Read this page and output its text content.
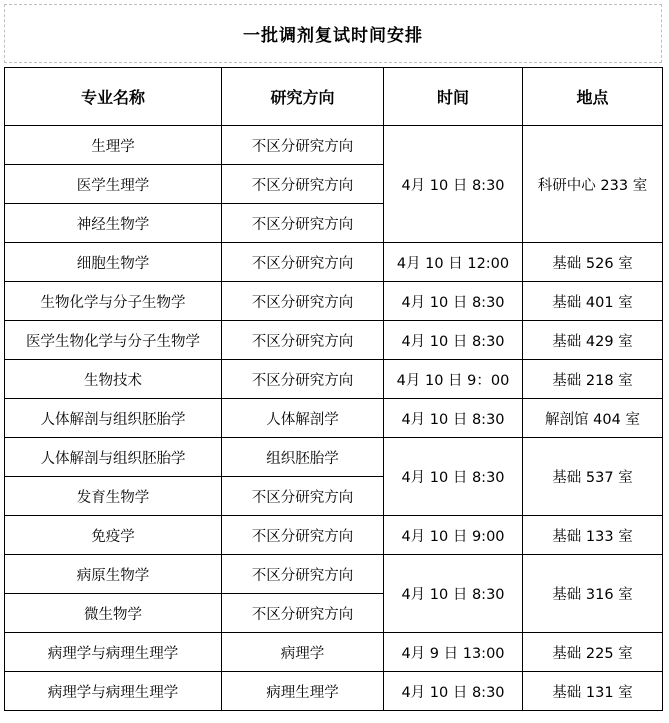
一批调剂复试时间安排
专业名称	研究方向	时间	地点
生理学	不区分研究方向	4月 10 日 8:30	科研中心 233 室
医学生理学	不区分研究方向		
神经生物学	不区分研究方向		
细胞生物学	不区分研究方向	4月 10 日 12:00	基础 526 室
生物化学与分子生物学	不区分研究方向	4月 10 日 8:30	基础 401 室
医学生物化学与分子生物学	不区分研究方向	4月 10 日 8:30	基础 429 室
生物技术	不区分研究方向	4月 10 日 9：00	基础 218 室
人体解剖与组织胚胎学	人体解剖学	4月 10 日 8:30	解剖馆 404 室
人体解剖与组织胚胎学	组织胚胎学	4月 10 日 8:30	基础 537 室
发育生物学	不区分研究方向		
免疫学	不区分研究方向	4月 10 日 9:00	基础 133 室
病原生物学	不区分研究方向	4月 10 日 8:30	基础 316 室
微生物学	不区分研究方向		
病理学与病理生理学	病理学	4月 9 日 13:00	基础 225 室
病理学与病理生理学	病理生理学	4月 10 日 8:30	基础 131 室
